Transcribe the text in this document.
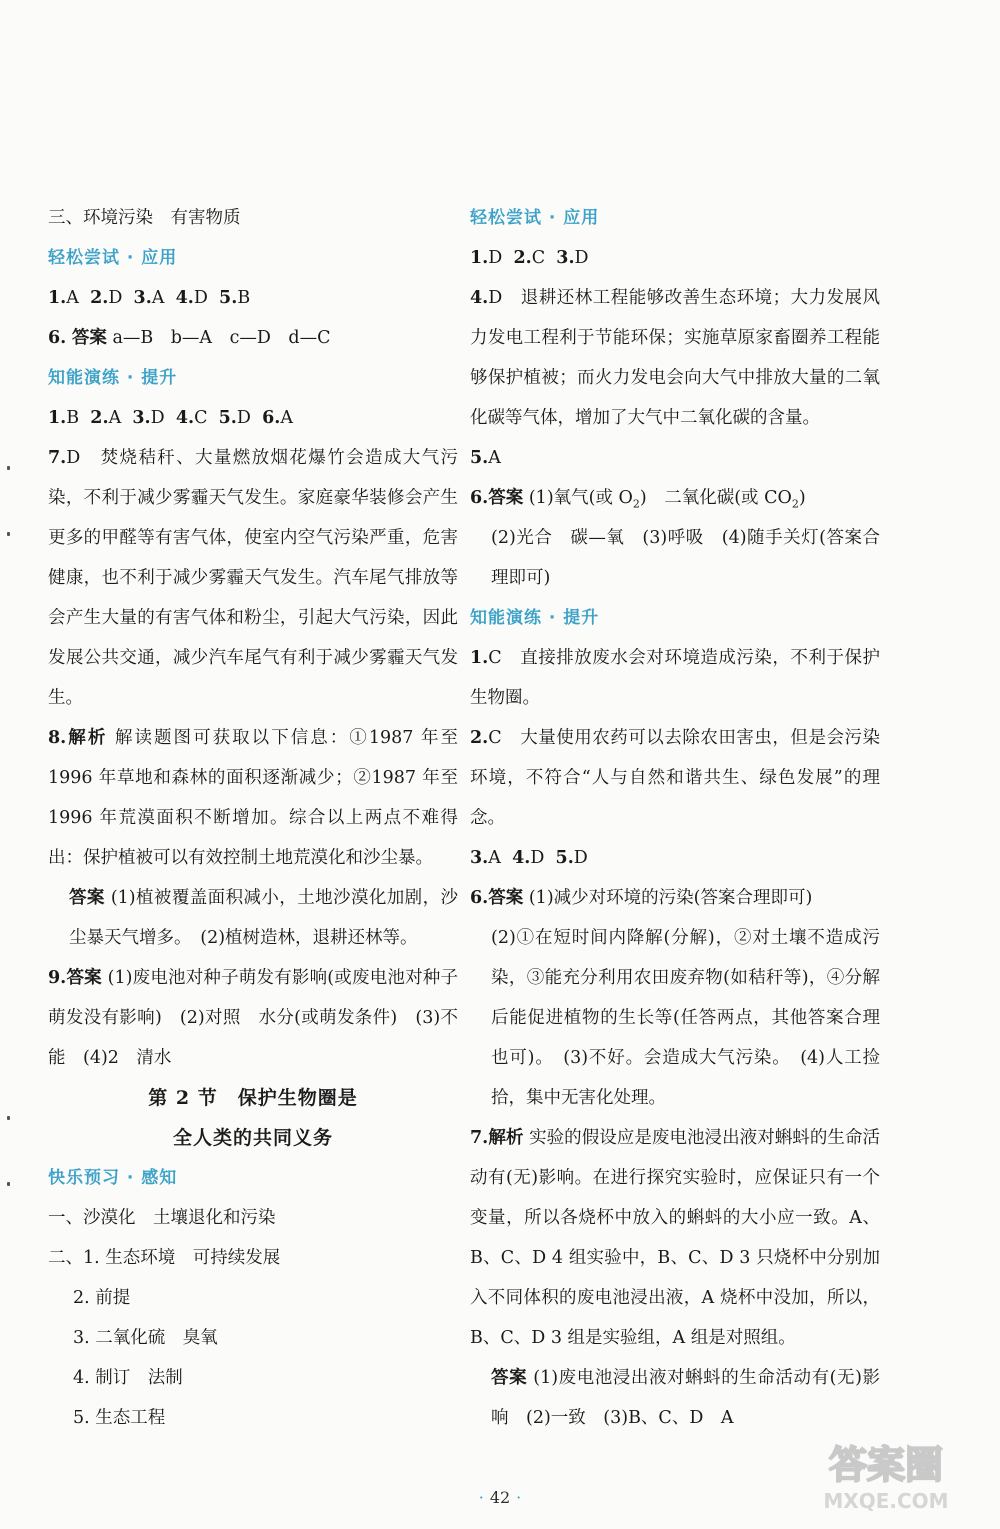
三、环境污染　有害物质
轻松尝试 · 应用
1.A 2.D 3.A 4.D 5.B
6. 答案 a—B　b—A　c—D　d—C
知能演练 · 提升
1.B 2.A 3.D 4.C 5.D 6.A

7.D　焚烧秸秆、大量燃放烟花爆竹会造成大气污染，不利于减少雾霾天气发生。家庭豪华装修会产生更多的甲醛等有害气体，使室内空气污染严重，危害健康，也不利于减少雾霾天气发生。汽车尾气排放等会产生大量的有害气体和粉尘，引起大气污染，因此发展公共交通，减少汽车尾气有利于减少雾霾天气发生。

8.解析 解读题图可获取以下信息：①1987 年至 1996 年草地和森林的面积逐渐减少；②1987 年至 1996 年荒漠面积不断增加。综合以上两点不难得出：保护植被可以有效控制土地荒漠化和沙尘暴。

答案 (1)植被覆盖面积减小，土地沙漠化加剧，沙尘暴天气增多。　(2)植树造林，退耕还林等。

9.答案 (1)废电池对种子萌发有影响(或废电池对种子萌发没有影响)　(2)对照　水分(或萌发条件)　(3)不能　(4)2　清水

第 2 节　保护生物圈是
全人类的共同义务
快乐预习 · 感知
一、沙漠化　土壤退化和污染
二、1. 生态环境　可持续发展
2. 前提
3. 二氧化硫　臭氧
4. 制订　法制
5. 生态工程
轻松尝试 · 应用
1.D 2.C 3.D

4.D　退耕还林工程能够改善生态环境；大力发展风力发电工程利于节能环保；实施草原家畜圈养工程能够保护植被；而火力发电会向大气中排放大量的二氧化碳等气体，增加了大气中二氧化碳的含量。

5.A

6.答案 (1)氧气(或 $O_2$)　二氧化碳(或 $CO_2$)

(2)光合　碳—氧　(3)呼吸　(4)随手关灯(答案合理即可)

知能演练 · 提升

1.C　直接排放废水会对环境造成污染，不利于保护生物圈。

2.C　大量使用农药可以去除农田害虫，但是会污染环境，不符合“人与自然和谐共生、绿色发展”的理念。

3.A 4.D 5.D
6.答案 (1)减少对环境的污染(答案合理即可)

(2)①在短时间内降解(分解)，②对土壤不造成污染，③能充分利用农田废弃物(如秸秆等)，④分解后能促进植物的生长等(任答两点，其他答案合理也可)。　(3)不好。会造成大气污染。　(4)人工捡拾，集中无害化处理。

7.解析 实验的假设应是废电池浸出液对蝌蚪的生命活动有(无)影响。在进行探究实验时，应保证只有一个变量，所以各烧杯中放入的蝌蚪的大小应一致。A、B、C、D 4 组实验中，B、C、D 3 只烧杯中分别加入不同体积的废电池浸出液，A 烧杯中没加，所以，B、C、D 3 组是实验组，A 组是对照组。

答案 (1)废电池浸出液对蝌蚪的生命活动有(无)影响　(2)一致　(3)B、C、D　A

· 42 ·
答案圈
MXQE.COM
